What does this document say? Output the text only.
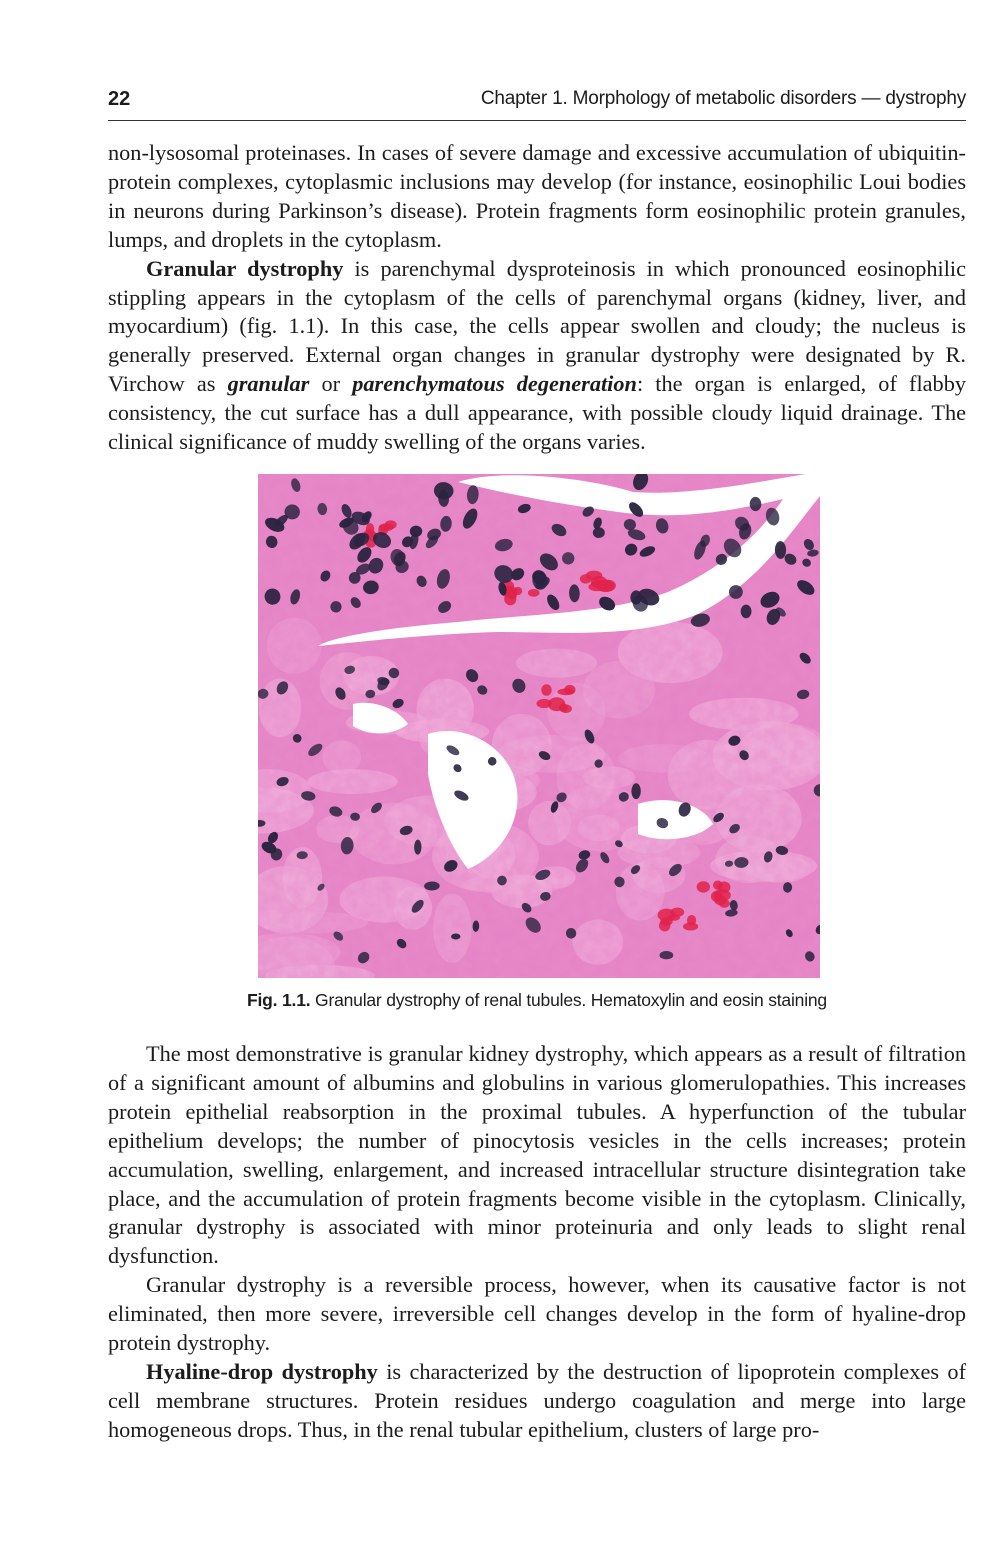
22	Chapter 1. Morphology of metabolic disorders — dystrophy

non-lysosomal proteinases. In cases of severe damage and excessive accumulation of ubiquitin-protein complexes, cytoplasmic inclusions may develop (for instance, eosinophilic Loui bodies in neurons during Parkinson’s disease). Protein fragments form eosinophilic protein granules, lumps, and droplets in the cytoplasm.

Granular dystrophy is parenchymal dysproteinosis in which pronounced eosinophilic stippling appears in the cytoplasm of the cells of parenchymal organs (kidney, liver, and myocardium) (fig. 1.1). In this case, the cells appear swollen and cloudy; the nucleus is generally preserved. External organ changes in granular dystrophy were designated by R. Virchow as granular or parenchymatous degeneration: the organ is enlarged, of flabby consistency, the cut surface has a dull appearance, with possible cloudy liquid drainage. The clinical significance of muddy swelling of the organs varies.

Fig. 1.1. Granular dystrophy of renal tubules. Hematoxylin and eosin staining

The most demonstrative is granular kidney dystrophy, which appears as a result of filtration of a significant amount of albumins and globulins in various glomerulopathies. This increases protein epithelial reabsorption in the proximal tubules. A hyperfunction of the tubular epithelium develops; the number of pinocytosis vesicles in the cells increases; protein accumulation, swelling, enlargement, and increased intracellular structure disintegration take place, and the accumulation of protein fragments become visible in the cytoplasm. Clinically, granular dystrophy is associated with minor proteinuria and only leads to slight renal dysfunction.

Granular dystrophy is a reversible process, however, when its causative factor is not eliminated, then more severe, irreversible cell changes develop in the form of hyaline-drop protein dystrophy.

Hyaline-drop dystrophy is characterized by the destruction of lipoprotein complexes of cell membrane structures. Protein residues undergo coagulation and merge into large homogeneous drops. Thus, in the renal tubular epithelium, clusters of large pro-
